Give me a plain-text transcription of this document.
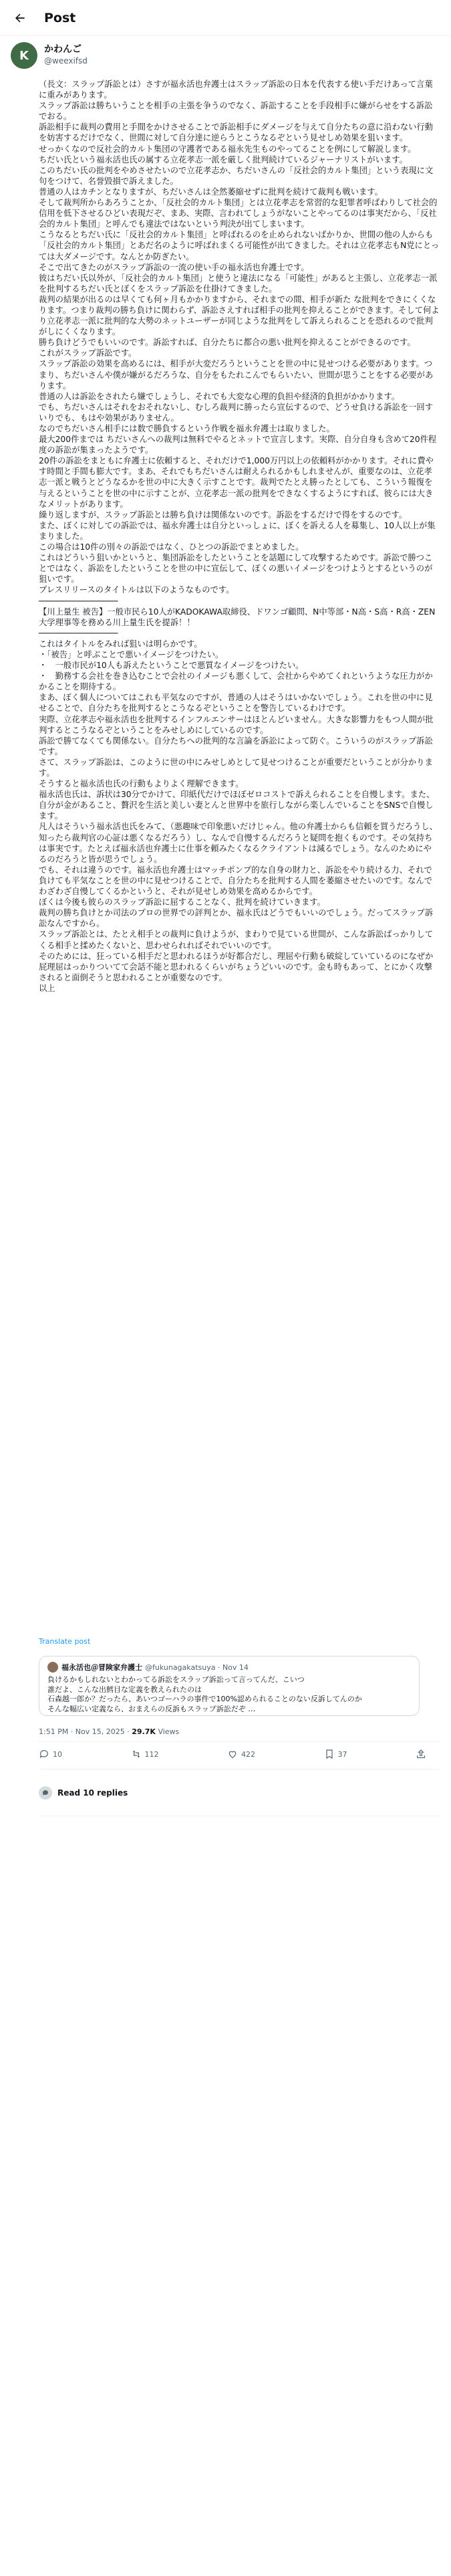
Post
K	かわんご
@weexifsd
（長文：スラップ訴訟とは）さすが福永活也弁護士はスラップ訴訟の日本を代表する使い手だけあって言葉に重みがあります。
スラップ訴訟は勝ちいうことを相手の主張を争うのでなく、訴訟することを手段相手に嫌がらせをする訴訟でおる。
訴訟相手に裁判の費用と手間をかけさせることで訴訟相手にダメージを与えて自分たちの意に沿わない行動を妨害するだけでなく、世間に対して自分達に逆らうとこうなるぞという見せしめ効果を狙います。
せっかくなので反社会的カルト集団の守護者である福永先生ものやってることを例にして解説します。
ちだい氏という福永活也氏の属する立花孝志一派を厳しく批判続けているジャーナリストがいます。
このちだい氏の批判をやめさせたいので立花孝志か、ちだいさんの「反社会的カルト集団」という表現に文句をつけて、名誉毀損で訴えました。
普通の人はカチンとなりますが、ちだいさんは全然萎縮せずに批判を続けて裁判も戦います。
そして裁判所からあろうことか、「反社会的カルト集団」とは立花孝志を常習的な犯罪者呼ばわりして社会的信用を低下させるひどい表現だぞ、まあ、実際、言われてしょうがないことやってるのは事実だから、「反社会的カルト集団」と呼んでも違法ではないという判決が出てしまいます。
こうなるとちだい氏に「反社会的カルト集団」と呼ばれるのを止められないばかりか、世間の他の人からも「反社会的カルト集団」とあだ名のように呼ばれまくる可能性が出てきました。それは立花孝志もN党にとっては大ダメージです。なんとか防ぎたい。
そこで出てきたのがスラップ訴訟の一流の使い手の福永活也弁護士です。
彼はちだい氏以外が、「反社会的カルト集団」と使うと違法になる「可能性」があると主張し、立花孝志一派を批判するちだい氏とぼくをスラップ訴訟を仕掛けてきました。
裁判の結果が出るのは早くても何ヶ月もかかりますから、それまでの間、相手が新た な批判をできにくくなります。つまり裁判の勝ち負けに関わらず、訴訟さえすれば相手の批判を抑えることができます。そして何より立花孝志一派に批判的な大勢のネットユーザーが同じような批判をして訴えられることを恐れるので批判がしにくくなります。
勝ち負けどうでもいいのです。訴訟すれば、自分たちに都合の悪い批判を抑えることができるのです。
これがスラップ訴訟です。
スラップ訴訟の効果を高めるには、相手が大変だろうということを世の中に見せつける必要があります。つまり、ちだいさんや僕が嫌がるだろうな、自分をもたれこんでもらいたい、世間が思うことをする必要があります。
普通の人は訴訟をされたら嫌でしょうし、それでも大変な心理的負担や経済的負担がかかります。
でも、ちだいさんはそれをおそれないし、むしろ裁判に勝ったら宣伝するので、どうせ負ける訴訟を一回すいりでも、もはや効果がありません。
なのでちだいさん相手には数で勝負するという作戦を福永弁護士は取りました。
最大200件までは ちだいさんへの裁判は無料でやるとネットで宣言します。実際、自分自身も含めて20件程度の訴訟が集まったようです。
20件の訴訟をまともに弁護士に依頼すると、それだけで1,000万円以上の依頼料がかかります。それに費やす時間と手間も膨大です。まあ、それでもちだいさんは耐えられるかもしれませんが、重要なのは、立花孝志一派と戦うとどうなるかを世の中に大きく示すことです。裁判でたとえ勝ったとしても、こういう報復を与えるということを世の中に示すことが、立花孝志一派の批判をできなくするようにすれば、彼らには大きなメリットがあります。
繰り返しますが、スラップ訴訟とは勝ち負けは関係ないのです。訴訟をするだけで得をするのです。
また、ぼくに対しての訴訟では、福永弁護士は自分といっしょに、ぼくを訴える人を募集し、10人以上が集まりました。
この場合は10件の別々の訴訟ではなく、ひとつの訴訟でまとめました。
これはどういう狙いかというと、集団訴訟をしたということを話題にして攻撃するためです。訴訟で勝つことではなく、訴訟をしたということを世の中に宣伝して、ぼくの悪いイメージをつけようとするというのが狙いです。
プレスリリースのタイトルは以下のようなものです。
────────────────
【川上量生 被告】一般市民ら10人がKADOKAWA取締役、ドワンゴ顧問、N中等部・N高・S高・R高・ZEN大学理事等を務める川上量生氏を提訴！！
────────────────
これはタイトルをみれば狙いは明らかです。
・「被告」と呼ぶことで悪いイメージをつけたい。
・　一般市民が10人も訴えたということで悪質なイメージをつけたい。
・　勤務する会社を巻き込むことで会社のイメージも悪くして、会社からやめてくれというような圧力がかかることを期待する。
まあ、ぼく個人についてはこれも平気なのですが、普通の人はそうはいかないでしょう。これを世の中に見せることで、自分たちを批判するとこうなるぞということを警告しているわけです。
実際、立花孝志や福永活也を批判するインフルエンサーはほとんどいません。大きな影響力をもつ人間が批判するとこうなるぞということをみせしめにしているのです。
訴訟で勝てなくても関係ない。自分たちへの批判的な言論を訴訟によって防ぐ。こういうのがスラップ訴訟です。
さて、スラップ訴訟は、このように世の中にみせしめとして見せつけることが重要だということが分かります。
そうすると福永活也氏の行動もよりよく理解できます。
福永活也氏は、訴状は30分でかけて、印紙代だけでほぼゼロコストで訴えられることを自慢します。また、自分が金があること、贅沢を生活と美しい妻とんと世界中を旅行しながら楽しんでいることをSNSで自慢します。
凡人はそういう福永活也氏をみて、（悪趣味で印象悪いだけじゃん。他の弁護士からも信頼を買うだろうし、知ったら裁判官の心証は悪くなるだろう）し、なんで自慢するんだろうと疑問を抱くものです。その気持ちは事実です。たとえば福永活也弁護士に仕事を頼みたくなるクライアントは減るでしょう。なんのためにやるのだろうと皆が思うでしょう。
でも、それは違うのです。福永活也弁護士はマッチポンプ的な自身の財力と、訴訟をやり続ける力、それで負けても平気なことを世の中に見せつけることで、自分たちを批判する人間を萎縮させたいのです。なんでわざわざ自慢してくるかというと、それが見せしめ効果を高めるからです。
ぼくは今後も彼らのスラップ訴訟に屈することなく、批判を続けていきます。
裁判の勝ち負けとか司法のプロの世界での評判とか、福永氏はどうでもいいのでしょう。だってスラップ訴訟なんですから。
スラップ訴訟とは、たとえ相手との裁判に負けようが、まわりで見ている世間が、こんな訴訟ばっかりしてくる相手と揉めたくないと、思わせられればそれでいいのです。
そのためには、狂っている相手だと思われるほうが好都合だし、理屈や行動も破綻していているのになぜか屁理屈はっかりついてて会話不能と思われるくらいがちょうどいいのです。金も時もあって、とにかく攻撃されると面倒そうと思われることが重要なのです。
以上
Translate post
福永活也＠冒険家弁護士 @fukunagakatsuya · Nov 14
負けるかもしれないとわかってる訴訟をスラップ訴訟って言ってんだ、こいつ
誰だよ、こんな出鱈目な定義を教えられたのは
石森越一郎か？だったら、あいつゴーハラの事件で100%認められることのない反訴してんのか
そんな幅広い定義なら、おまえらの反訴もスラップ訴訟だぞ …
1:51 PM · Nov 15, 2025 · 29.7K Views
10	112	422	37
Read 10 replies
